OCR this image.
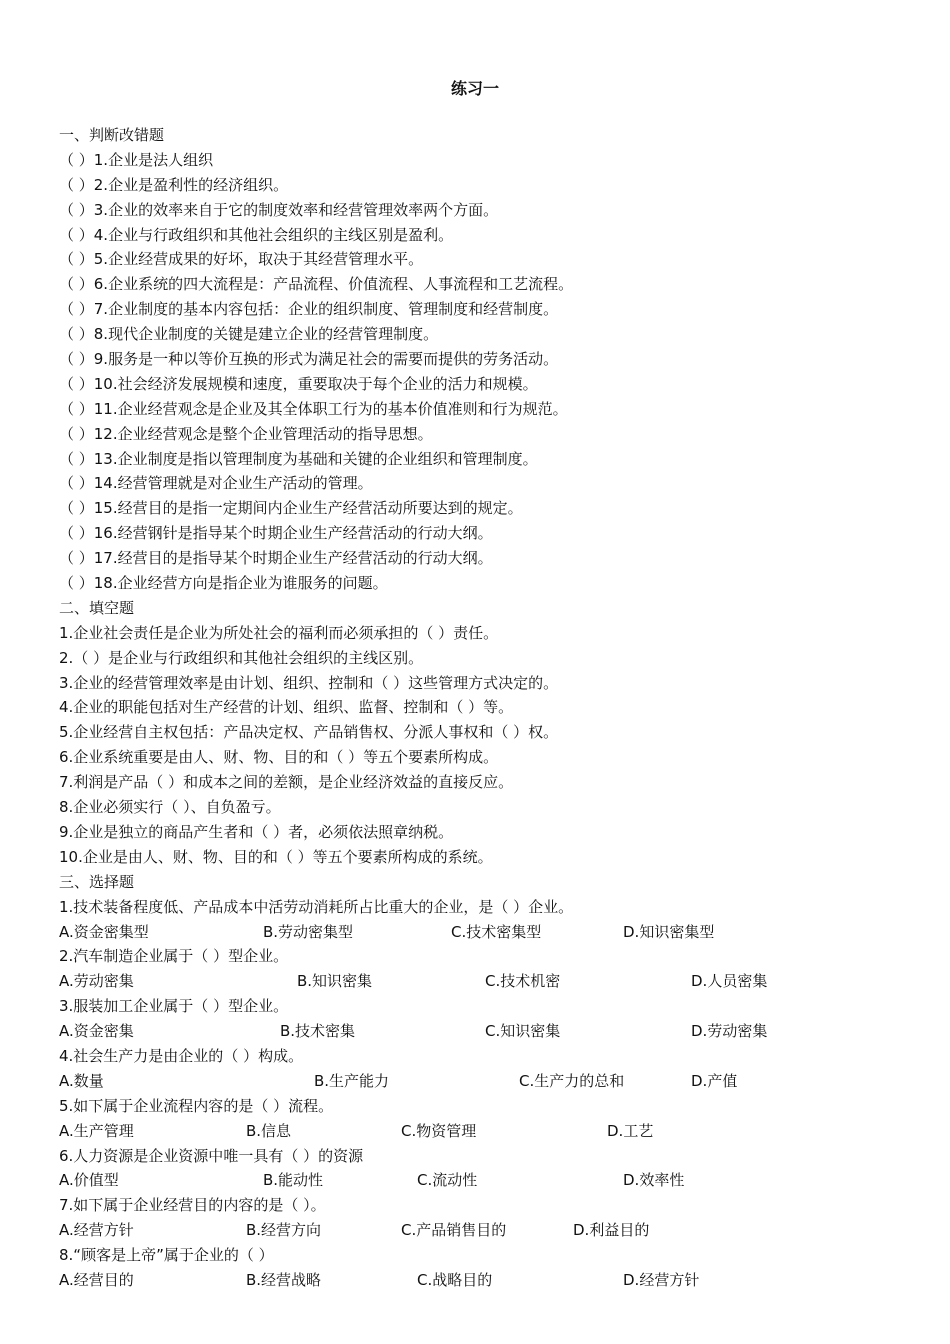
练习一
一、判断改错题
（ ）1.企业是法人组织
（ ）2.企业是盈利性的经济组织。
（ ）3.企业的效率来自于它的制度效率和经营管理效率两个方面。
（ ）4.企业与行政组织和其他社会组织的主线区别是盈利。
（ ）5.企业经营成果的好坏，取决于其经营管理水平。
（ ）6.企业系统的四大流程是：产品流程、价值流程、人事流程和工艺流程。
（ ）7.企业制度的基本内容包括：企业的组织制度、管理制度和经营制度。
（ ）8.现代企业制度的关键是建立企业的经营管理制度。
（ ）9.服务是一种以等价互换的形式为满足社会的需要而提供的劳务活动。
（ ）10.社会经济发展规模和速度，重要取决于每个企业的活力和规模。
（ ）11.企业经营观念是企业及其全体职工行为的基本价值准则和行为规范。
（ ）12.企业经营观念是整个企业管理活动的指导思想。
（ ）13.企业制度是指以管理制度为基础和关键的企业组织和管理制度。
（ ）14.经营管理就是对企业生产活动的管理。
（ ）15.经营目的是指一定期间内企业生产经营活动所要达到的规定。
（ ）16.经营钢针是指导某个时期企业生产经营活动的行动大纲。
（ ）17.经营目的是指导某个时期企业生产经营活动的行动大纲。
（ ）18.企业经营方向是指企业为谁服务的问题。
二、填空题
1.企业社会责任是企业为所处社会的福利而必须承担的（ ）责任。
2.（ ）是企业与行政组织和其他社会组织的主线区别。
3.企业的经营管理效率是由计划、组织、控制和（ ）这些管理方式决定的。
4.企业的职能包括对生产经营的计划、组织、监督、控制和（ ）等。
5.企业经营自主权包括：产品决定权、产品销售权、分派人事权和（ ）权。
6.企业系统重要是由人、财、物、目的和（ ）等五个要素所构成。
7.利润是产品（ ）和成本之间的差额，是企业经济效益的直接反应。
8.企业必须实行（ ）、自负盈亏。
9.企业是独立的商品产生者和（ ）者，必须依法照章纳税。
10.企业是由人、财、物、目的和（ ）等五个要素所构成的系统。
三、选择题
1.技术装备程度低、产品成本中活劳动消耗所占比重大的企业，是（ ）企业。
A.资金密集型	B.劳动密集型	C.技术密集型	D.知识密集型
2.汽车制造企业属于（ ）型企业。
A.劳动密集	B.知识密集	C.技术机密	D.人员密集
3.服装加工企业属于（ ）型企业。
A.资金密集	B.技术密集	C.知识密集	D.劳动密集
4.社会生产力是由企业的（ ）构成。
A.数量	B.生产能力	C.生产力的总和	D.产值
5.如下属于企业流程内容的是（ ）流程。
A.生产管理	B.信息	C.物资管理	D.工艺
6.人力资源是企业资源中唯一具有（ ）的资源
A.价值型	B.能动性	C.流动性	D.效率性
7.如下属于企业经营目的内容的是（ ）。
A.经营方针	B.经营方向	C.产品销售目的	D.利益目的
8.“顾客是上帝”属于企业的（ ）
A.经营目的	B.经营战略	C.战略目的	D.经营方针
